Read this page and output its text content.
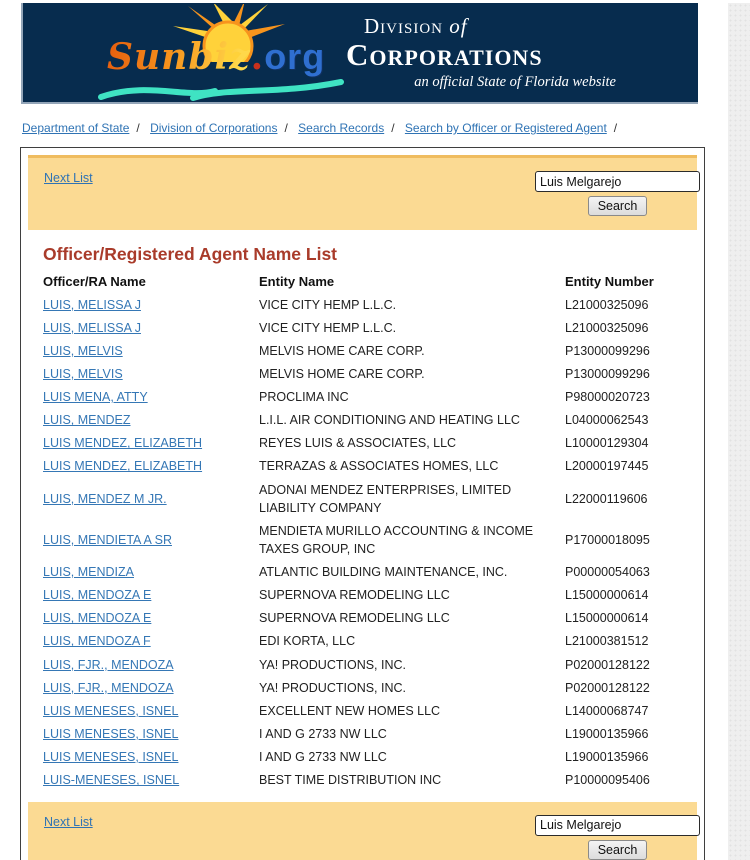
Sunbiz.org
Division of
Corporations
an official State of Florida website
Department of State / Division of Corporations / Search Records / Search by Officer or Registered Agent /
Next List
Luis Melgarejo Search
Officer/Registered Agent Name List
Officer/RA Name	Entity Name	Entity Number
LUIS, MELISSA J	VICE CITY HEMP L.L.C.	L21000325096
LUIS, MELISSA J	VICE CITY HEMP L.L.C.	L21000325096
LUIS, MELVIS	MELVIS HOME CARE CORP.	P13000099296
LUIS, MELVIS	MELVIS HOME CARE CORP.	P13000099296
LUIS MENA, ATTY	PROCLIMA INC	P98000020723
LUIS, MENDEZ	L.I.L. AIR CONDITIONING AND HEATING LLC	L04000062543
LUIS MENDEZ, ELIZABETH	REYES LUIS & ASSOCIATES, LLC	L10000129304
LUIS MENDEZ, ELIZABETH	TERRAZAS & ASSOCIATES HOMES, LLC	L20000197445
LUIS, MENDEZ M JR.	ADONAI MENDEZ ENTERPRISES, LIMITED LIABILITY COMPANY	L22000119606
LUIS, MENDIETA A SR	MENDIETA MURILLO ACCOUNTING & INCOME TAXES GROUP, INC	P17000018095
LUIS, MENDIZA	ATLANTIC BUILDING MAINTENANCE, INC.	P00000054063
LUIS, MENDOZA E	SUPERNOVA REMODELING LLC	L15000000614
LUIS, MENDOZA E	SUPERNOVA REMODELING LLC	L15000000614
LUIS, MENDOZA F	EDI KORTA, LLC	L21000381512
LUIS, FJR., MENDOZA	YA! PRODUCTIONS, INC.	P02000128122
LUIS, FJR., MENDOZA	YA! PRODUCTIONS, INC.	P02000128122
LUIS MENESES, ISNEL	EXCELLENT NEW HOMES LLC	L14000068747
LUIS MENESES, ISNEL	I AND G 2733 NW LLC	L19000135966
LUIS MENESES, ISNEL	I AND G 2733 NW LLC	L19000135966
LUIS-MENESES, ISNEL	BEST TIME DISTRIBUTION INC	P10000095406
Next List
Luis Melgarejo Search
